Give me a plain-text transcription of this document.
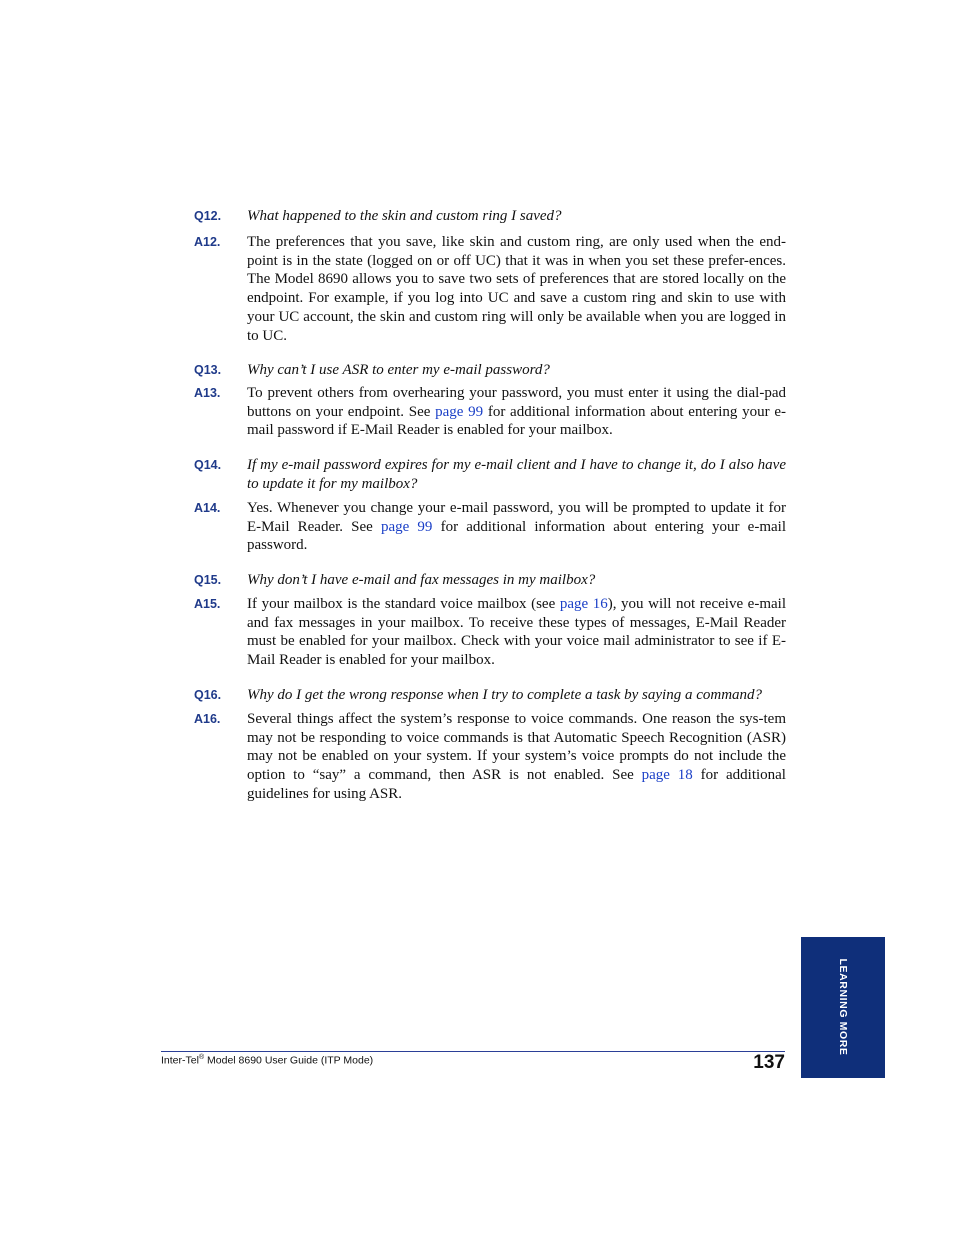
Q12. What happened to the skin and custom ring I saved?

A12. The preferences that you save, like skin and custom ring, are only used when the end-point is in the state (logged on or off UC) that it was in when you set these prefer-ences. The Model 8690 allows you to save two sets of preferences that are stored locally on the endpoint. For example, if you log into UC and save a custom ring and skin to use with your UC account, the skin and custom ring will only be available when you are logged in to UC.

Q13. Why can’t I use ASR to enter my e-mail password?

A13. To prevent others from overhearing your password, you must enter it using the dial-pad buttons on your endpoint. See page 99 for additional information about entering your e-mail password if E-Mail Reader is enabled for your mailbox.

Q14. If my e-mail password expires for my e-mail client and I have to change it, do I also have to update it for my mailbox?

A14. Yes. Whenever you change your e-mail password, you will be prompted to update it for E-Mail Reader. See page 99 for additional information about entering your e-mail password.

Q15. Why don’t I have e-mail and fax messages in my mailbox?

A15. If your mailbox is the standard voice mailbox (see page 16), you will not receive e-mail and fax messages in your mailbox. To receive these types of messages, E-Mail Reader must be enabled for your mailbox. Check with your voice mail administrator to see if E-Mail Reader is enabled for your mailbox.

Q16. Why do I get the wrong response when I try to complete a task by saying a command?

A16. Several things affect the system’s response to voice commands. One reason the sys-tem may not be responding to voice commands is that Automatic Speech Recognition (ASR) may not be enabled on your system. If your system’s voice prompts do not include the option to “say” a command, then ASR is not enabled. See page 18 for additional guidelines for using ASR.

Inter-Tel® Model 8690 User Guide (ITP Mode)	137
LEARNING MORE
